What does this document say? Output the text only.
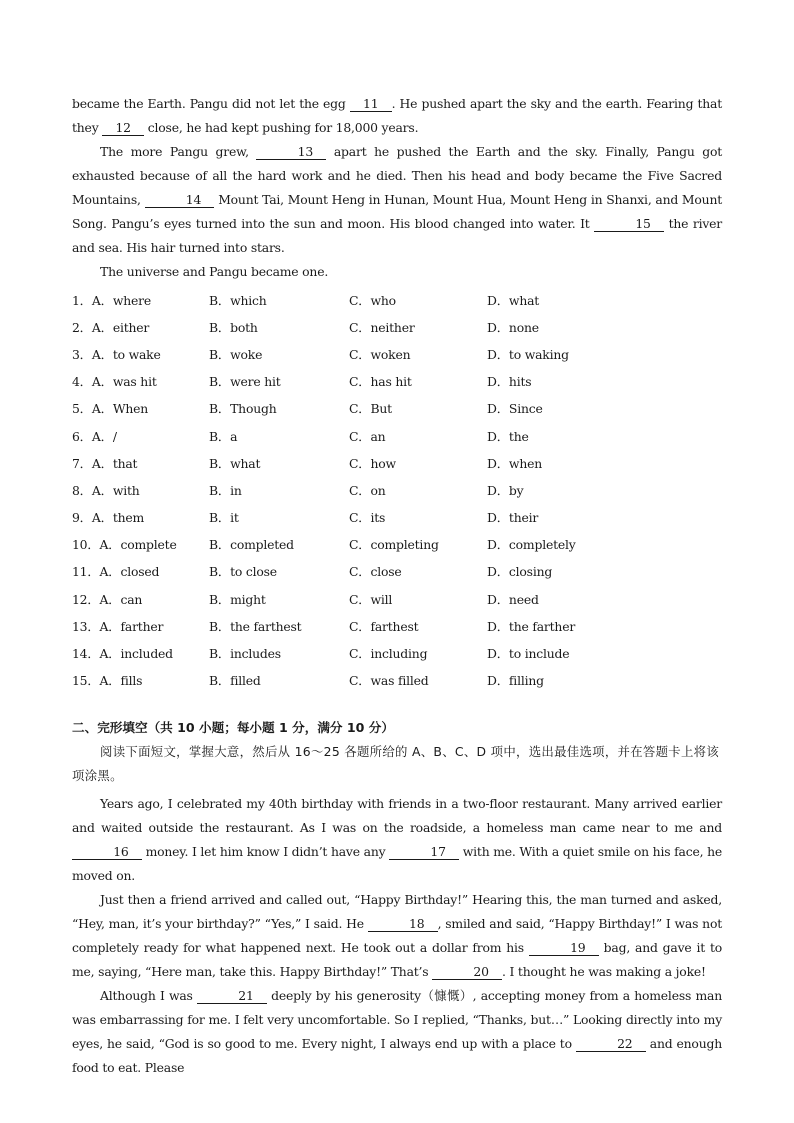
became the Earth. Pangu did not let the egg    11   . He pushed apart the sky and the earth. Fearing that they    12    close, he had kept pushing for 18,000 years.

The more Pangu grew,    13    apart he pushed the Earth and the sky. Finally, Pangu got exhausted because of all the hard work and he died. Then his head and body became the Five Sacred Mountains,    14    Mount Tai, Mount Heng in Hunan, Mount Hua, Mount Heng in Shanxi, and Mount Song. Pangu’s eyes turned into the sun and moon. His blood changed into water. It    15    the river and sea. His hair turned into stars.

The universe and Pangu became one.

1．A．where	B．which	C．who	D．what
2．A．either	B．both	C．neither	D．none
3．A．to wake	B．woke	C．woken	D．to waking
4．A．was hit	B．were hit	C．has hit	D．hits
5．A．When	B．Though	C．But	D．Since
6．A．/	B．a	C．an	D．the
7．A．that	B．what	C．how	D．when
8．A．with	B．in	C．on	D．by
9．A．them	B．it	C．its	D．their
10．A．complete	B．completed	C．completing	D．completely
11．A．closed	B．to close	C．close	D．closing
12．A．can	B．might	C．will	D．need
13．A．farther	B．the farthest	C．farthest	D．the farther
14．A．included	B．includes	C．including	D．to include
15．A．fills	B．filled	C．was filled	D．filling
二、完形填空（共 10 小题；每小题 1 分，满分 10 分）

阅读下面短文，掌握大意，然后从 16～25 各题所给的 A、B、C、D 项中，选出最佳选项，并在答题卡上将该项涂黑。

Years ago, I celebrated my 40th birthday with friends in a two-floor restaurant. Many arrived earlier and waited outside the restaurant. As I was on the roadside, a homeless man came near to me and    16    money. I let him know I didn’t have any    17    with me. With a quiet smile on his face, he moved on.

Just then a friend arrived and called out, “Happy Birthday!” Hearing this, the man turned and asked, “Hey, man, it’s your birthday?” “Yes,” I said. He    18   , smiled and said, “Happy Birthday!” I was not completely ready for what happened next. He took out a dollar from his    19    bag, and gave it to me, saying, “Here man, take this. Happy Birthday!” That’s    20   . I thought he was making a joke!

Although I was    21    deeply by his generosity（慷慨）, accepting money from a homeless man was embarrassing for me. I felt very uncomfortable. So I replied, “Thanks, but…” Looking directly into my eyes, he said, “God is so good to me. Every night, I always end up with a place to    22    and enough food to eat. Please
